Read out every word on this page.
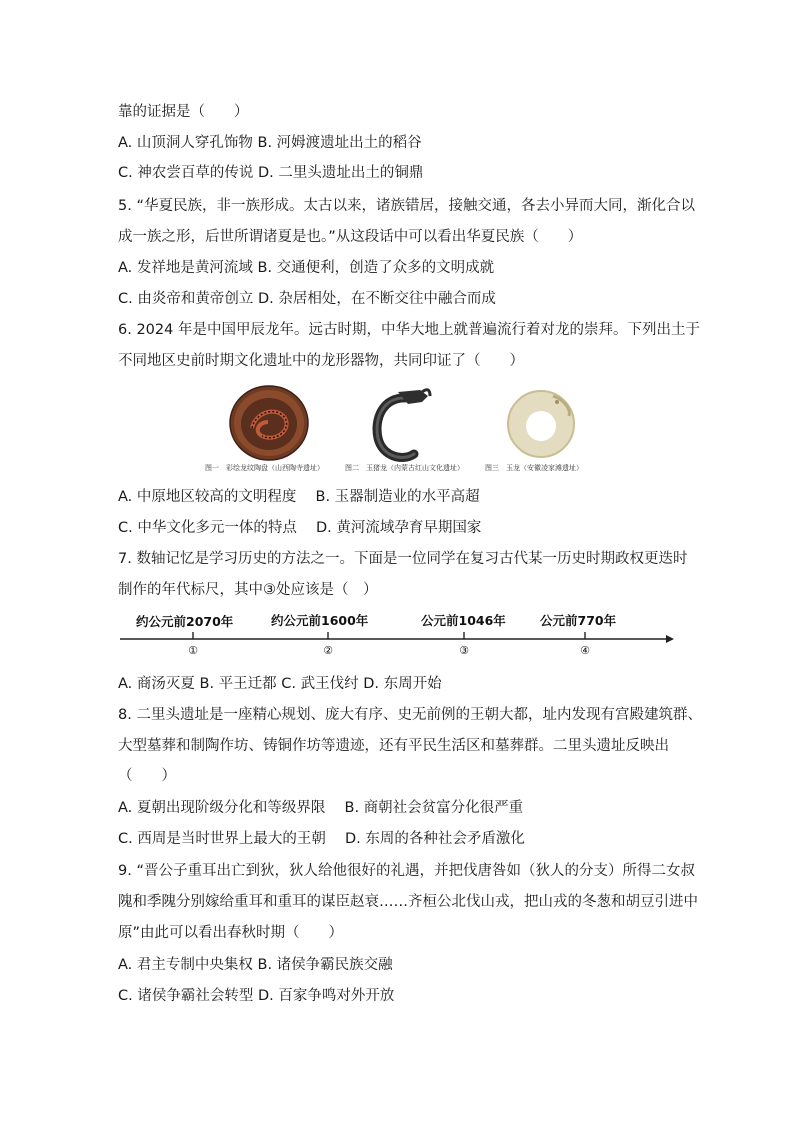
靠的证据是（　　）
A. 山顶洞人穿孔饰物 B. 河姆渡遗址出土的稻谷
C. 神农尝百草的传说 D. 二里头遗址出土的铜鼎
5. “华夏民族，非一族形成。太古以来，诸族错居，接触交通，各去小异而大同，渐化合以
成一族之形，后世所谓诸夏是也。”从这段话中可以看出华夏民族（　　）
A. 发祥地是黄河流域 B. 交通便利，创造了众多的文明成就
C. 由炎帝和黄帝创立 D. 杂居相处，在不断交往中融合而成
6. 2024 年是中国甲辰龙年。远古时期，中华大地上就普遍流行着对龙的崇拜。下列出土于
不同地区史前时期文化遗址中的龙形器物，共同印证了（　　）
图一　彩绘龙纹陶盘（山西陶寺遗址）	图二　玉猪龙（内蒙古红山文化遗址）	图三　玉龙（安徽凌家滩遗址）
A. 中原地区较高的文明程度　 B. 玉器制造业的水平高超
C. 中华文化多元一体的特点　 D. 黄河流域孕育早期国家
7. 数轴记忆是学习历史的方法之一。下面是一位同学在复习古代某一历史时期政权更迭时
制作的年代标尺，其中③处应该是（　）
约公元前2070年	约公元前1600年	公元前1046年	公元前770年
①	②	③	④
A. 商汤灭夏 B. 平王迁都 C. 武王伐纣 D. 东周开始
8. 二里头遗址是一座精心规划、庞大有序、史无前例的王朝大都，址内发现有宫殿建筑群、
大型墓葬和制陶作坊、铸铜作坊等遗迹，还有平民生活区和墓葬群。二里头遗址反映出
（　　）
A. 夏朝出现阶级分化和等级界限　 B. 商朝社会贫富分化很严重
C. 西周是当时世界上最大的王朝　 D. 东周的各种社会矛盾激化
9. “晋公子重耳出亡到狄，狄人给他很好的礼遇，并把伐唐咎如（狄人的分支）所得二女叔
隗和季隗分别嫁给重耳和重耳的谋臣赵衰……齐桓公北伐山戎，把山戎的冬葱和胡豆引进中
原”由此可以看出春秋时期（　　）
A. 君主专制中央集权 B. 诸侯争霸民族交融
C. 诸侯争霸社会转型 D. 百家争鸣对外开放
